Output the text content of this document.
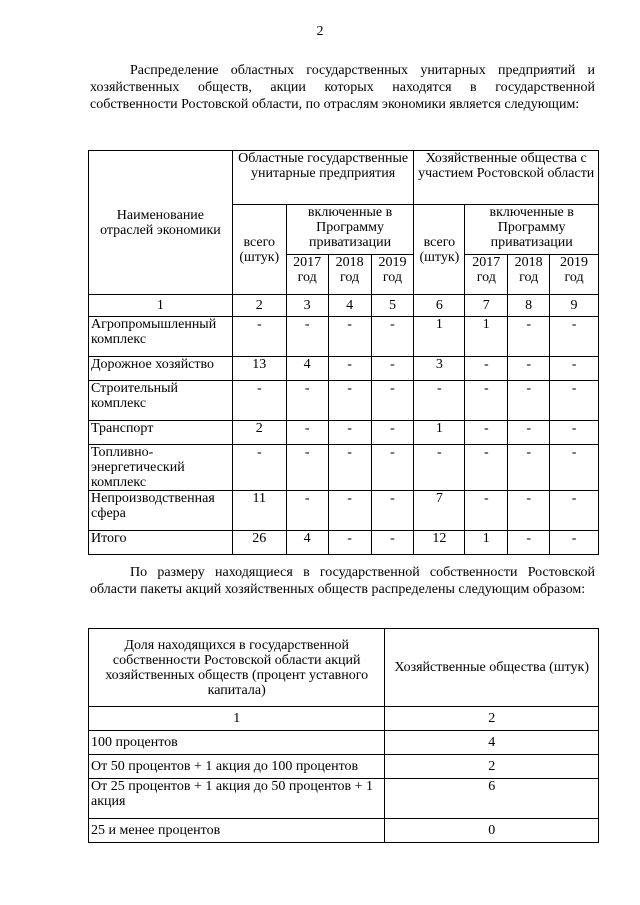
2

Распределение областных государственных унитарных предприятий и хозяйственных обществ, акции которых находятся в государственной собственности Ростовской области, по отраслям экономики является следующим:

Наименование отраслей экономики	Областные государственные унитарные предприятия				Хозяйственные общества с участием Ростовской области			
	всего (штук)	включенные в Программу приватизации			всего (штук)	включенные в Программу приватизации		
		2017 год	2018 год	2019 год		2017 год	2018 год	2019 год
1	2	3	4	5	6	7	8	9
Агропромышленный комплекс	-	-	-	-	1	1	-	-
Дорожное хозяйство	13	4	-	-	3	-	-	-
Строительный комплекс	-	-	-	-	-	-	-	-
Транспорт	2	-	-	-	1	-	-	-
Топливно-энергетический комплекс	-	-	-	-	-	-	-	-
Непроизводственная сфера	11	-	-	-	7	-	-	-
Итого	26	4	-	-	12	1	-	-

По размеру находящиеся в государственной собственности Ростовской области пакеты акций хозяйственных обществ распределены следующим образом:

Доля находящихся в государственной собственности Ростовской области акций хозяйственных обществ (процент уставного капитала)	Хозяйственные общества (штук)
1	2
100 процентов	4
От 50 процентов + 1 акция до 100 процентов	2
От 25 процентов + 1 акция до 50 процентов + 1 акция	6
25 и менее процентов	0
